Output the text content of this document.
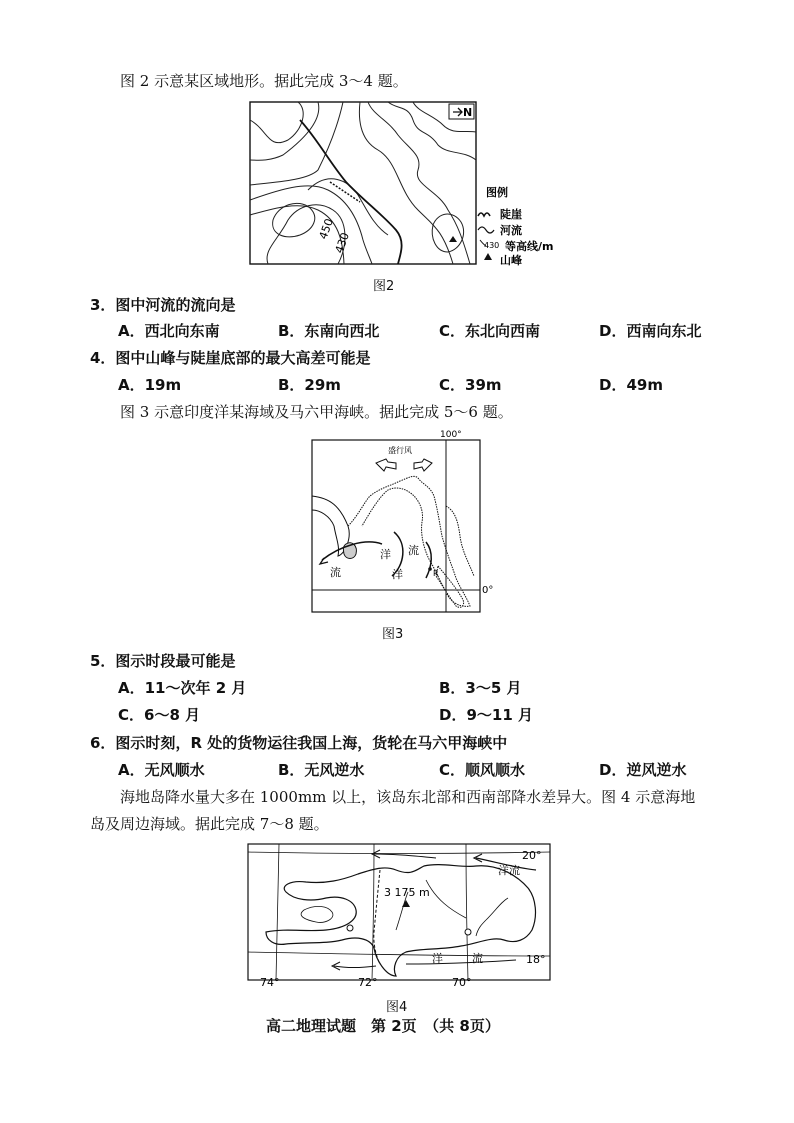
图 2 示意某区域地形。据此完成 3～4 题。
N
450
430
图例
陡崖
河流
430 等高线/m
山峰
图2
3．图中河流的流向是
A．西北向东南	B．东南向西北	C．东北向西南	D．西南向东北
4．图中山峰与陡崖底部的最大高差可能是
A．19m	B．29m	C．39m	D．49m
图 3 示意印度洋某海域及马六甲海峡。据此完成 5～6 题。
100°
0°
盛行风
洋
流
流
洋	R
图3
5．图示时段最可能是
A．11～次年 2 月	B．3～5 月
C．6～8 月	D．9～11 月
6．图示时刻，R 处的货物运往我国上海，货轮在马六甲海峡中
A．无风顺水	B．无风逆水	C．顺风顺水	D．逆风逆水
海地岛降水量大多在 1000mm 以上，该岛东北部和西南部降水差异大。图 4 示意海地
岛及周边海域。据此完成 7～8 题。
3 175 m
20°
18°
74°	72°	70°
洋流
洋	流
图4
高二地理试题　第 2页　（共 8页）
